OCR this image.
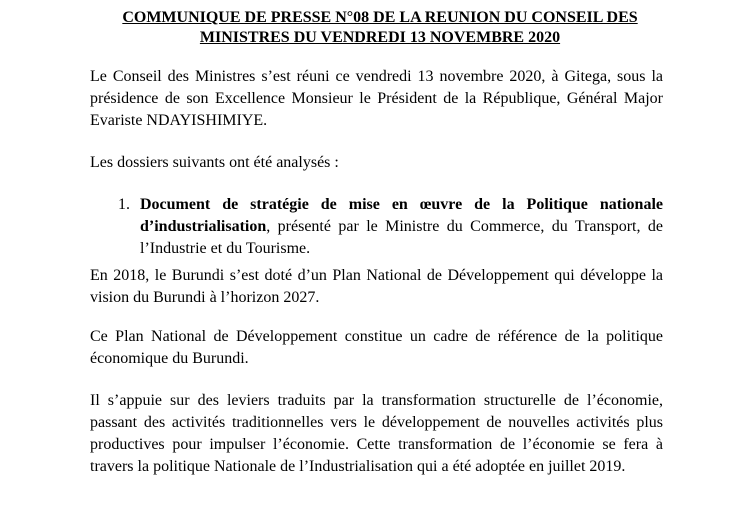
COMMUNIQUE DE PRESSE N°08 DE LA REUNION DU CONSEIL DES
MINISTRES DU VENDREDI 13 NOVEMBRE 2020

Le Conseil des Ministres s’est réuni ce vendredi 13 novembre 2020, à Gitega, sous la présidence de son Excellence Monsieur le Président de la République, Général Major Evariste NDAYISHIMIYE.

Les dossiers suivants ont été analysés :

1. Document de stratégie de mise en œuvre de la Politique nationale d’industrialisation, présenté par le Ministre du Commerce, du Transport, de l’Industrie et du Tourisme.

En 2018, le Burundi s’est doté d’un Plan National de Développement qui développe la vision du Burundi à l’horizon 2027.

Ce Plan National de Développement constitue un cadre de référence de la politique économique du Burundi.

Il s’appuie sur des leviers traduits par la transformation structurelle de l’économie, passant des activités traditionnelles vers le développement de nouvelles activités plus productives pour impulser l’économie. Cette transformation de l’économie se fera à travers la politique Nationale de l’Industrialisation qui a été adoptée en juillet 2019.
